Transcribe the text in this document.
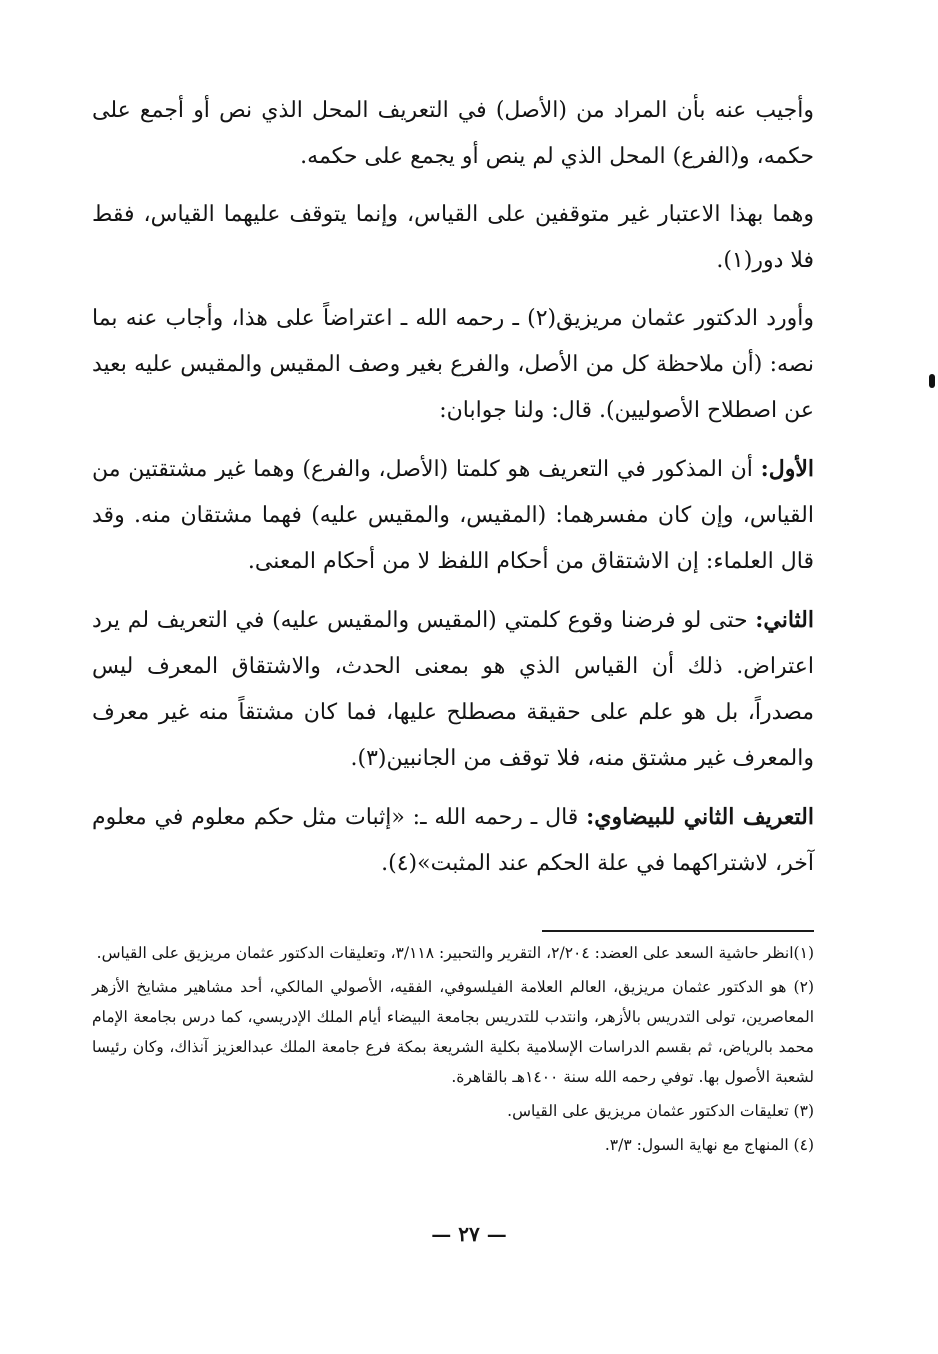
وأجيب عنه بأن المراد من (الأصل) في التعريف المحل الذي نص أو أجمع على حكمه، و(الفرع) المحل الذي لم ينص أو يجمع على حكمه.

وهما بهذا الاعتبار غير متوقفين على القياس، وإنما يتوقف عليهما القياس، فقط فلا دور(١).

وأورد الدكتور عثمان مريزيق(٢) ـ رحمه الله ـ اعتراضاً على هذا، وأجاب عنه بما نصه: (أن ملاحظة كل من الأصل، والفرع بغير وصف المقيس والمقيس عليه بعيد عن اصطلاح الأصوليين). قال: ولنا جوابان:

الأول: أن المذكور في التعريف هو كلمتا (الأصل، والفرع) وهما غير مشتقتين من القياس، وإن كان مفسرهما: (المقيس، والمقيس عليه) فهما مشتقان منه. وقد قال العلماء: إن الاشتقاق من أحكام اللفظ لا من أحكام المعنى.

الثاني: حتى لو فرضنا وقوع كلمتي (المقيس والمقيس عليه) في التعريف لم يرد اعتراض. ذلك أن القياس الذي هو بمعنى الحدث، والاشتقاق المعرف ليس مصدراً، بل هو علم على حقيقة مصطلح عليها، فما كان مشتقاً منه غير معرف والمعرف غير مشتق منه، فلا توقف من الجانبين(٣).

التعريف الثاني للبيضاوي: قال ـ رحمه الله ـ: «إثبات مثل حكم معلوم في معلوم آخر، لاشتراكهما في علة الحكم عند المثبت»(٤).

(١)انظر حاشية السعد على العضد: ٢/٢٠٤، التقرير والتحبير: ٣/١١٨، وتعليقات الدكتور عثمان مريزيق على القياس.

(٢) هو الدكتور عثمان مريزيق، العالم العلامة الفيلسوفي، الفقيه، الأصولي المالكي، أحد مشاهير مشايخ الأزهر المعاصرين، تولى التدريس بالأزهر، وانتدب للتدريس بجامعة البيضاء أيام الملك الإدريسي، كما درس بجامعة الإمام محمد بالرياض، ثم بقسم الدراسات الإسلامية بكلية الشريعة بمكة فرع جامعة الملك عبدالعزيز آنذاك، وكان رئيسا لشعبة الأصول بها. توفي رحمه الله سنة ١٤٠٠هـ بالقاهرة.

(٣) تعليقات الدكتور عثمان مريزيق على القياس.

(٤) المنهاج مع نهاية السول: ٣/٣.

— ٢٧ —
